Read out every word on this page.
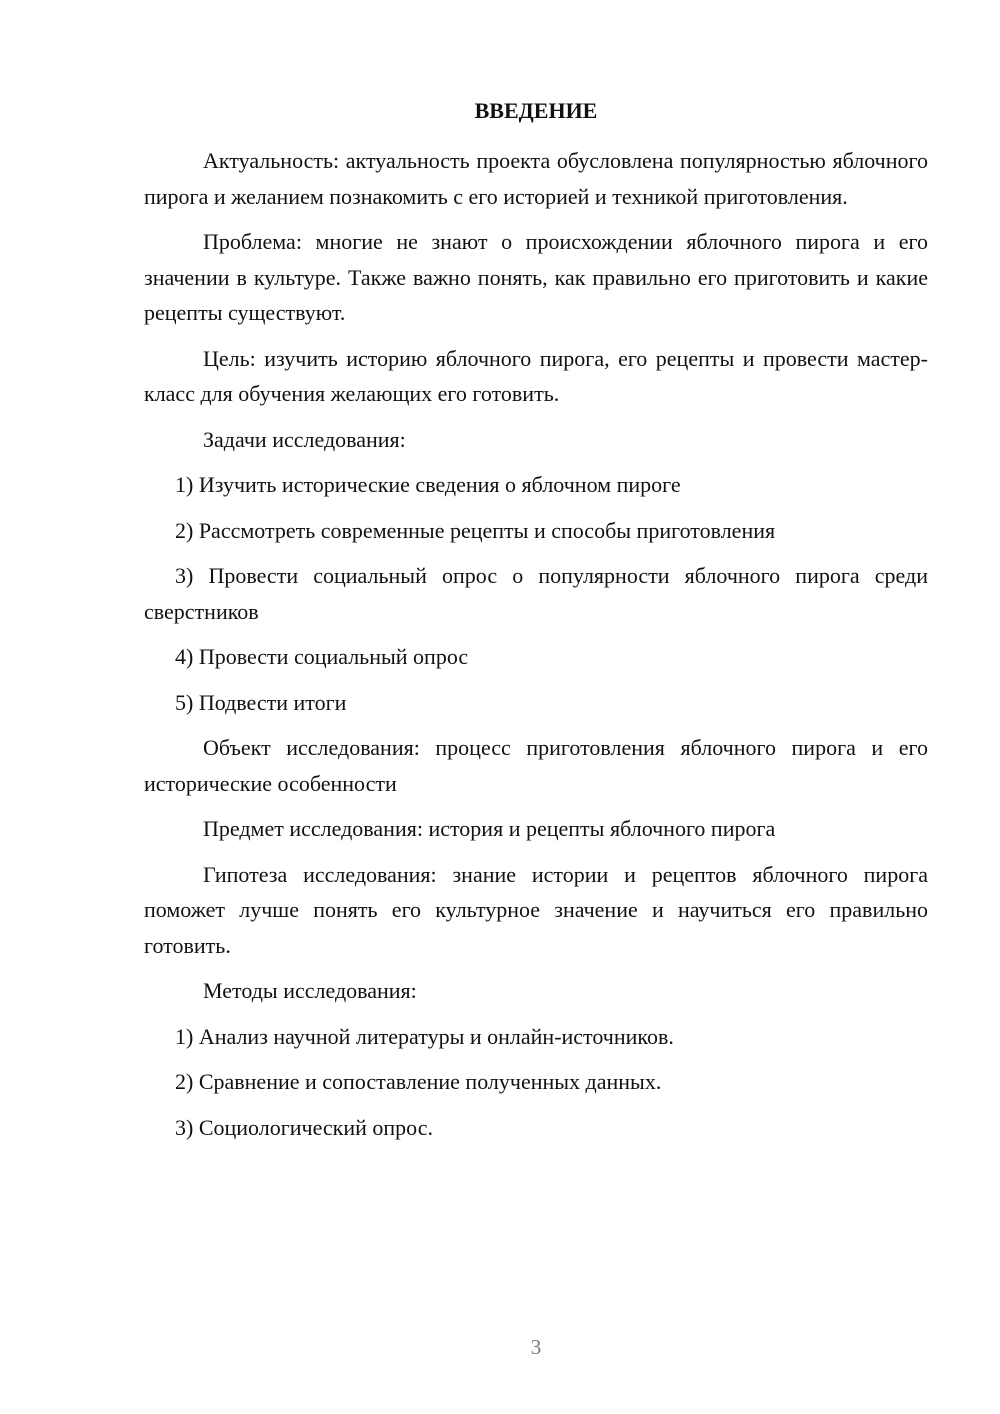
ВВЕДЕНИЕ

Актуальность: актуальность проекта обусловлена популярностью яблочного пирога и желанием познакомить с его историей и техникой приготовления.

Проблема: многие не знают о происхождении яблочного пирога и его значении в культуре. Также важно понять, как правильно его приготовить и какие рецепты существуют.

Цель: изучить историю яблочного пирога, его рецепты и провести мастер-класс для обучения желающих его готовить.

Задачи исследования:

1) Изучить исторические сведения о яблочном пироге

2) Рассмотреть современные рецепты и способы приготовления

3) Провести социальный опрос о популярности яблочного пирога среди сверстников

4) Провести социальный опрос

5) Подвести итоги

Объект исследования: процесс приготовления яблочного пирога и его исторические особенности

Предмет исследования: история и рецепты яблочного пирога

Гипотеза исследования: знание истории и рецептов яблочного пирога поможет лучше понять его культурное значение и научиться его правильно готовить.

Методы исследования:

1) Анализ научной литературы и онлайн-источников.

2) Сравнение и сопоставление полученных данных.

3) Социологический опрос.

3
